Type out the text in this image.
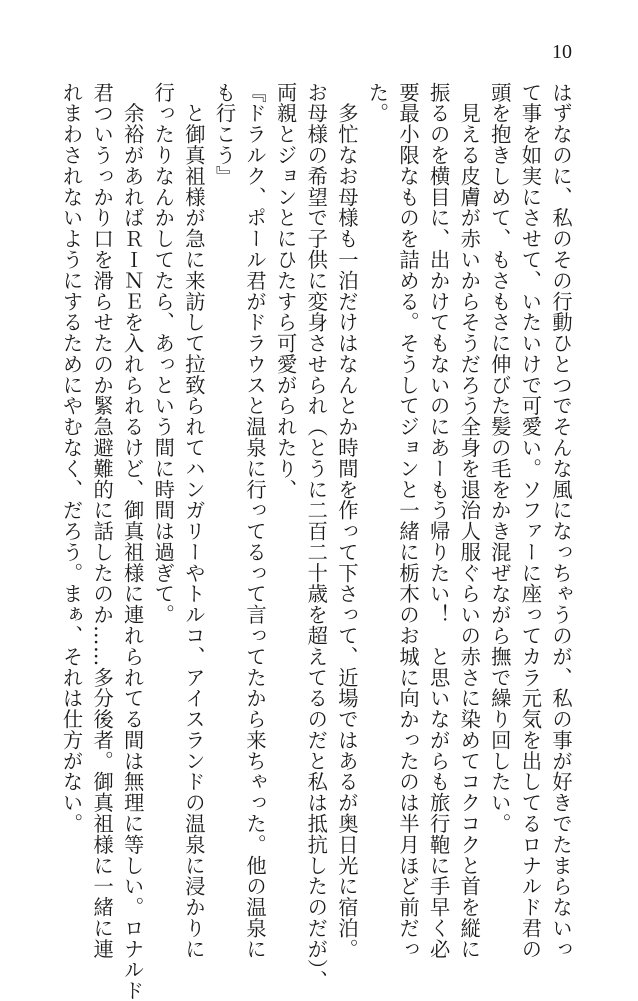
10

はずなのに、私のその行動ひとつでそんな風になっちゃうのが、私の事が好きでたまらないっ
て事を如実にさせて、いたいけで可愛い。ソファーに座ってカラ元気を出してるロナルド君の
頭を抱きしめて、もさもさに伸びた髪の毛をかき混ぜながら撫で繰り回したい。

　見える皮膚が赤いからそうだろう全身を退治人服ぐらいの赤さに染めてコクコクと首を縦に
振るのを横目に、出かけてもないのにあーもう帰りたい！　と思いながらも旅行鞄に手早く必
要最小限なものを詰める。そうしてジョンと一緒に栃木のお城に向かったのは半月ほど前だっ
た。

　多忙なお母様も一泊だけはなんとか時間を作って下さって、近場ではあるが奥日光に宿泊。
お母様の希望で子供に変身させられ（とうに二百二十歳を超えてるのだと私は抵抗したのだが）、
両親とジョンとにひたすら可愛がられたり、

『ドラルク、ポール君がドラウスと温泉に行ってるって言ってたから来ちゃった。他の温泉に
も行こう』

　と御真祖様が急に来訪して拉致られてハンガリーやトルコ、アイスランドの温泉に浸かりに
行ったりなんかしてたら、あっという間に時間は過ぎて。

　余裕があればＲＩＮＥを入れられるけど、御真祖様に連れられてる間は無理に等しい。ロナルド
君ついうっかり口を滑らせたのか緊急避難的に話したのか……多分後者。御真祖様に一緒に連
れまわされないようにするためにやむなく、だろう。まぁ、それは仕方がない。
